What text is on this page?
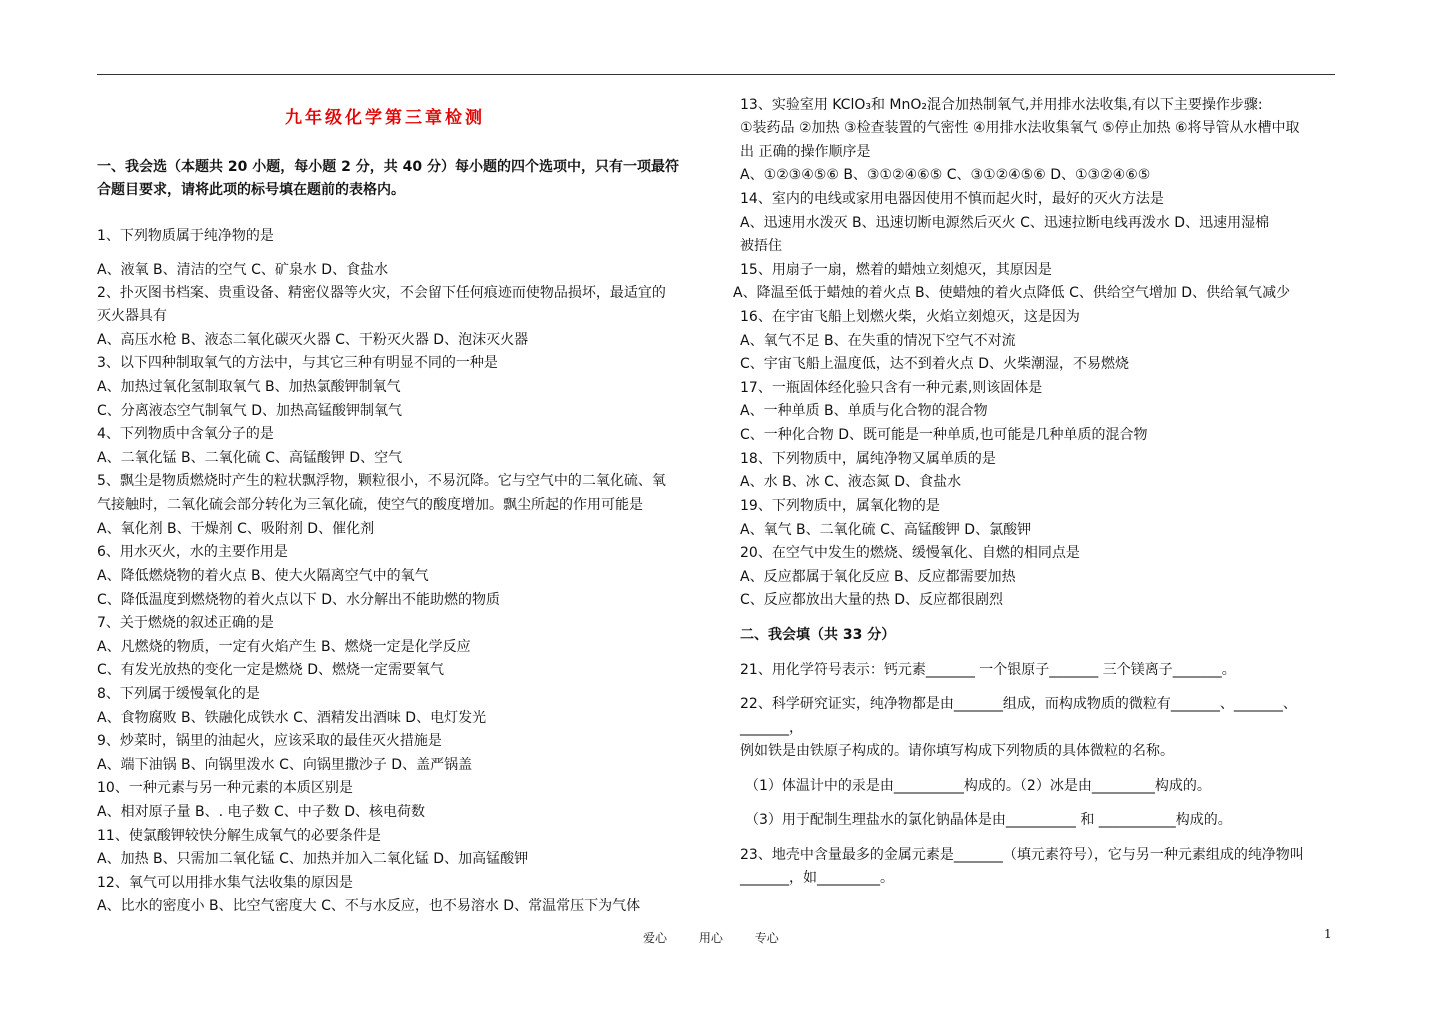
九年级化学第三章检测
一、我会选（本题共 20 小题，每小题 2 分，共 40 分）每小题的四个选项中，只有一项最符
合题目要求，请将此项的标号填在题前的表格内。
1、下列物质属于纯净物的是
A、液氧 B、清洁的空气 C、矿泉水 D、食盐水
2、扑灭图书档案、贵重设备、精密仪器等火灾，不会留下任何痕迹而使物品损坏，最适宜的
灭火器具有
A、高压水枪 B、液态二氧化碳灭火器 C、干粉灭火器 D、泡沫灭火器
3、以下四种制取氧气的方法中，与其它三种有明显不同的一种是
A、加热过氧化氢制取氧气 B、加热氯酸钾制氧气
C、分离液态空气制氧气 D、加热高锰酸钾制氧气
4、下列物质中含氧分子的是
A、二氧化锰 B、二氧化硫 C、高锰酸钾 D、空气
5、飘尘是物质燃烧时产生的粒状飘浮物，颗粒很小，不易沉降。它与空气中的二氧化硫、氧
气接触时，二氧化硫会部分转化为三氧化硫，使空气的酸度增加。飘尘所起的作用可能是
A、氧化剂 B、干燥剂 C、吸附剂 D、催化剂
6、用水灭火，水的主要作用是
A、降低燃烧物的着火点 B、使大火隔离空气中的氧气
C、降低温度到燃烧物的着火点以下 D、水分解出不能助燃的物质
7、关于燃烧的叙述正确的是
A、凡燃烧的物质，一定有火焰产生 B、燃烧一定是化学反应
C、有发光放热的变化一定是燃烧 D、燃烧一定需要氧气
8、下列属于缓慢氧化的是
A、食物腐败 B、铁融化成铁水 C、酒精发出酒味 D、电灯发光
9、炒菜时，锅里的油起火，应该采取的最佳灭火措施是
A、端下油锅 B、向锅里泼水 C、向锅里撒沙子 D、盖严锅盖
10、一种元素与另一种元素的本质区别是
A、相对原子量 B、. 电子数 C、中子数 D、核电荷数
11、使氯酸钾较快分解生成氧气的必要条件是
A、加热 B、只需加二氧化锰 C、加热并加入二氧化锰 D、加高锰酸钾
12、氧气可以用排水集气法收集的原因是
A、比水的密度小 B、比空气密度大 C、不与水反应，也不易溶水 D、常温常压下为气体
13、实验室用 KClO₃和 MnO₂混合加热制氧气,并用排水法收集,有以下主要操作步骤:
①装药品 ②加热 ③检查装置的气密性 ④用排水法收集氧气 ⑤停止加热 ⑥将导管从水槽中取
出 正确的操作顺序是
A、①②③④⑤⑥ B、③①②④⑥⑤ C、③①②④⑤⑥ D、①③②④⑥⑤
14、室内的电线或家用电器因使用不慎而起火时，最好的灭火方法是
A、迅速用水泼灭 B、迅速切断电源然后灭火 C、迅速拉断电线再泼水 D、迅速用湿棉
被捂住
15、用扇子一扇，燃着的蜡烛立刻熄灭，其原因是
A、降温至低于蜡烛的着火点 B、使蜡烛的着火点降低 C、供给空气增加 D、供给氧气减少
16、在宇宙飞船上划燃火柴，火焰立刻熄灭，这是因为
A、氧气不足 B、在失重的情况下空气不对流
C、宇宙飞船上温度低，达不到着火点 D、火柴潮湿，不易燃烧
17、一瓶固体经化验只含有一种元素,则该固体是
A、一种单质 B、单质与化合物的混合物
C、一种化合物 D、既可能是一种单质,也可能是几种单质的混合物
18、下列物质中，属纯净物又属单质的是
A、水 B、冰 C、液态氮 D、食盐水
19、下列物质中，属氧化物的是
A、氧气 B、二氧化硫 C、高锰酸钾 D、氯酸钾
20、在空气中发生的燃烧、缓慢氧化、自燃的相同点是
A、反应都属于氧化反应 B、反应都需要加热
C、反应都放出大量的热 D、反应都很剧烈
二、我会填（共 33 分）
21、用化学符号表示：钙元素_______ 一个银原子_______ 三个镁离子_______。
22、科学研究证实，纯净物都是由_______组成，而构成物质的微粒有_______、_______、
_______，
例如铁是由铁原子构成的。请你填写构成下列物质的具体微粒的名称。
（1）体温计中的汞是由__________构成的。（2）冰是由_________构成的。
（3）用于配制生理盐水的氯化钠晶体是由__________ 和 ___________构成的。
23、地壳中含量最多的金属元素是_______（填元素符号），它与另一种元素组成的纯净物叫
_______，如_________。
爱心	用心	专心	1
